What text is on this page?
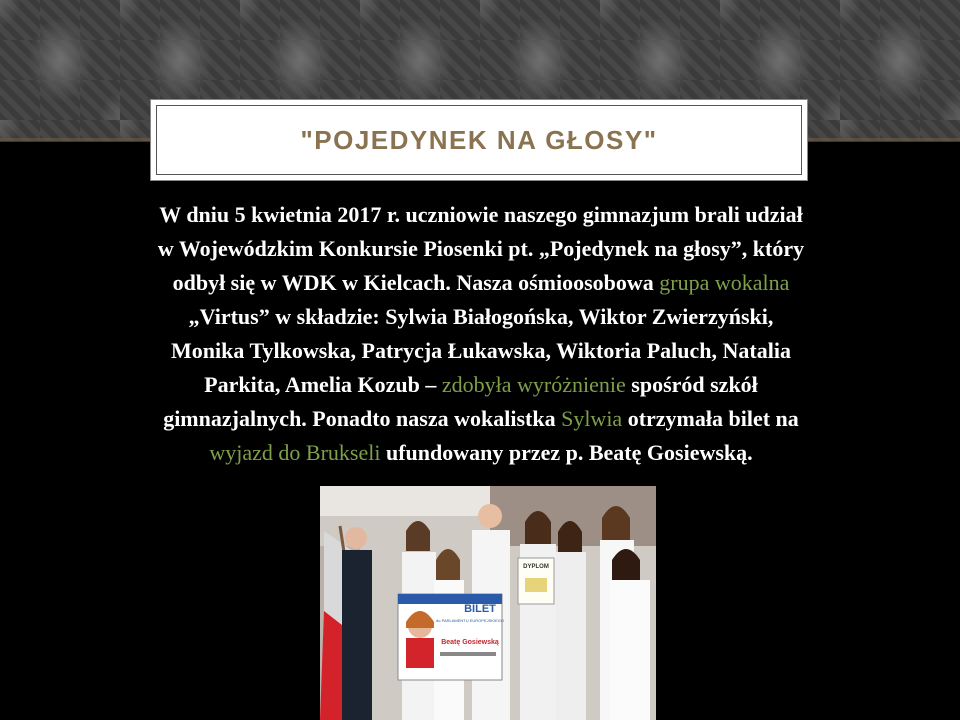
"POJEDYNEK NA GŁOSY"
W dniu 5 kwietnia 2017 r. uczniowie naszego gimnazjum brali udział
w Wojewódzkim Konkursie Piosenki pt. „Pojedynek na głosy”, który
odbył się w WDK w Kielcach. Nasza ośmioosobowa grupa wokalna
„Virtus” w składzie: Sylwia Białogońska, Wiktor Zwierzyński,
Monika Tylkowska, Patrycja Łukawska, Wiktoria Paluch, Natalia
Parkita, Amelia Kozub – zdobyła wyróżnienie spośród szkół
gimnazjalnych. Ponadto nasza wokalistka Sylwia otrzymała bilet na
wyjazd do Brukseli ufundowany przez p. Beatę Gosiewską.
DYPLOM
BILET
do PARLAMENTU EUROPEJSKIEGO
Beatę Gosiewską
